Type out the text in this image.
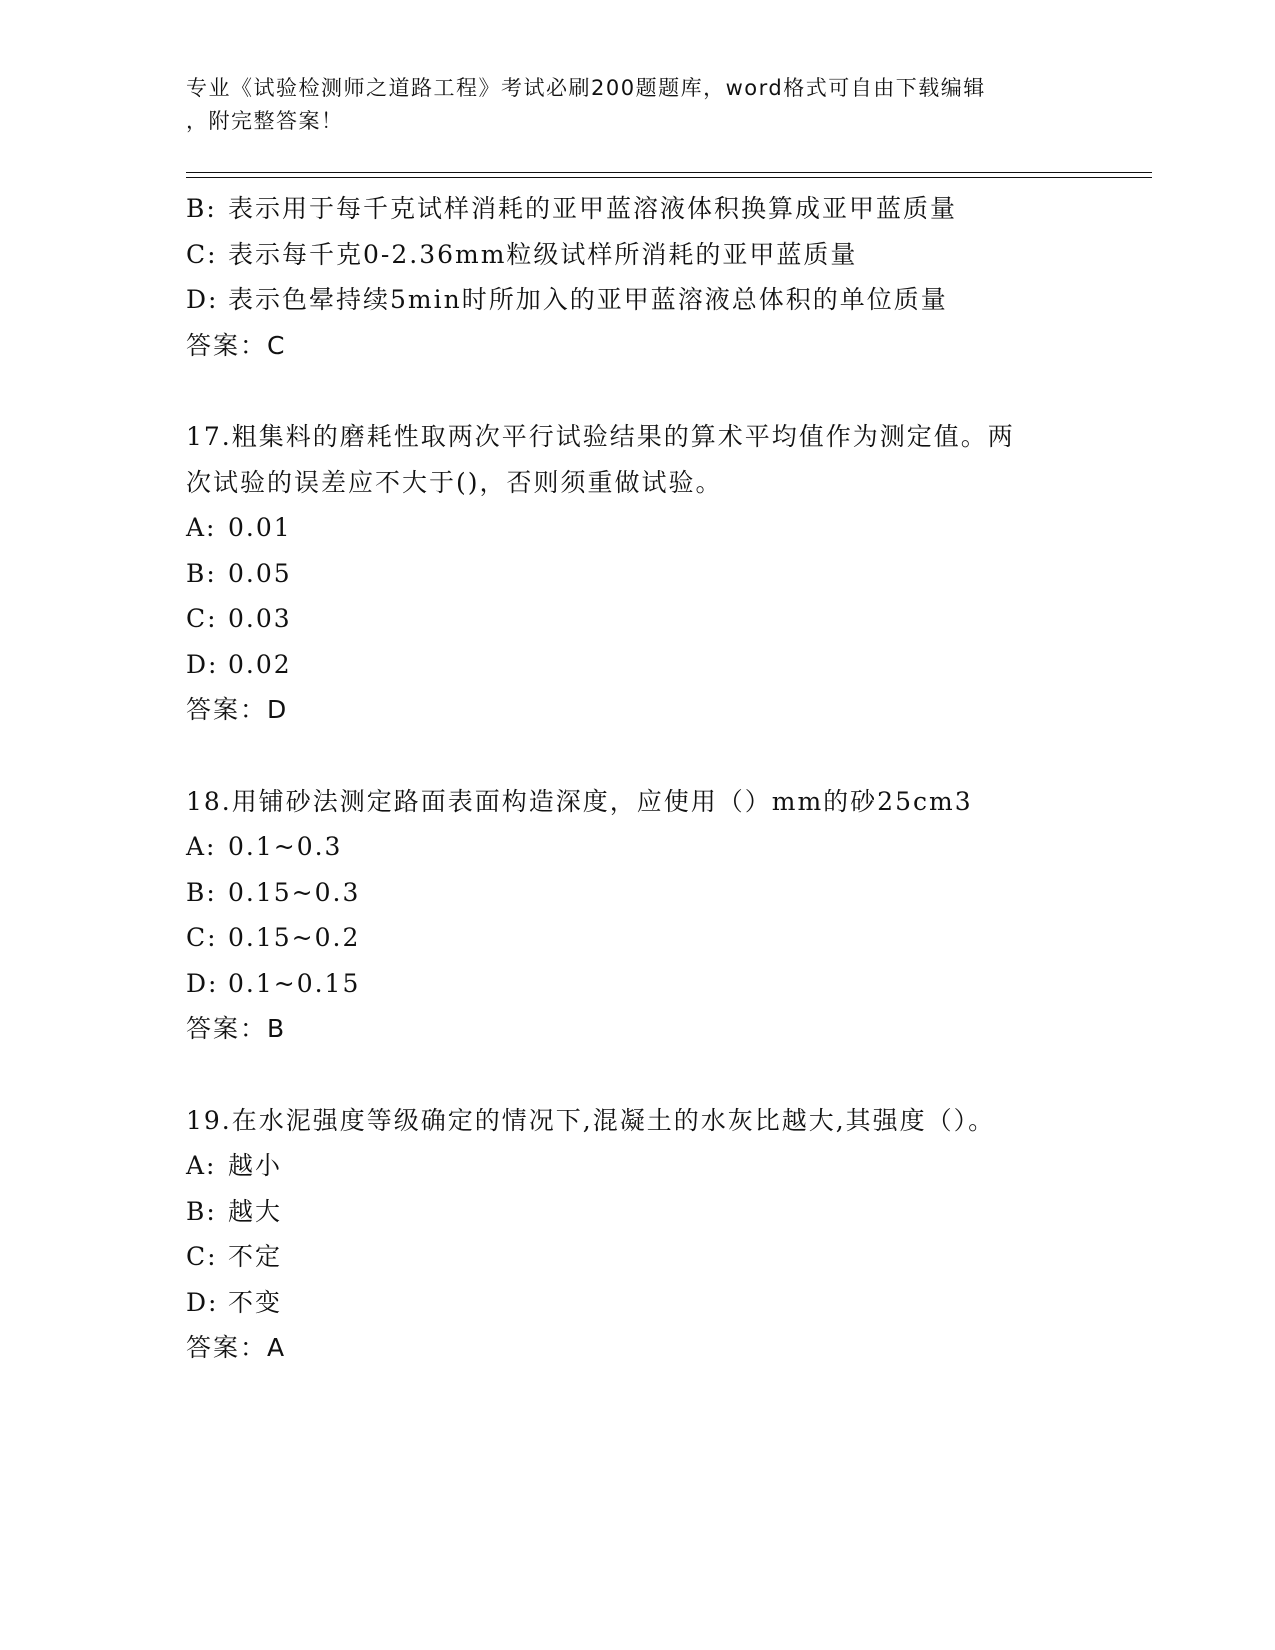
专业《试验检测师之道路工程》考试必刷200题题库，word格式可自由下载编辑
，附完整答案！
B: 表示用于每千克试样消耗的亚甲蓝溶液体积换算成亚甲蓝质量
C: 表示每千克0-2.36mm粒级试样所消耗的亚甲蓝质量
D: 表示色晕持续5min时所加入的亚甲蓝溶液总体积的单位质量
答案：C
17.粗集料的磨耗性取两次平行试验结果的算术平均值作为测定值。两
次试验的误差应不大于()，否则须重做试验。
A: 0.01
B: 0.05
C: 0.03
D: 0.02
答案：D
18.用铺砂法测定路面表面构造深度，应使用（）mm的砂25cm3
A: 0.1~0.3
B: 0.15~0.3
C: 0.15~0.2
D: 0.1~0.15
答案：B
19.在水泥强度等级确定的情况下,混凝土的水灰比越大,其强度（）。
A: 越小
B: 越大
C: 不定
D: 不变
答案：A
